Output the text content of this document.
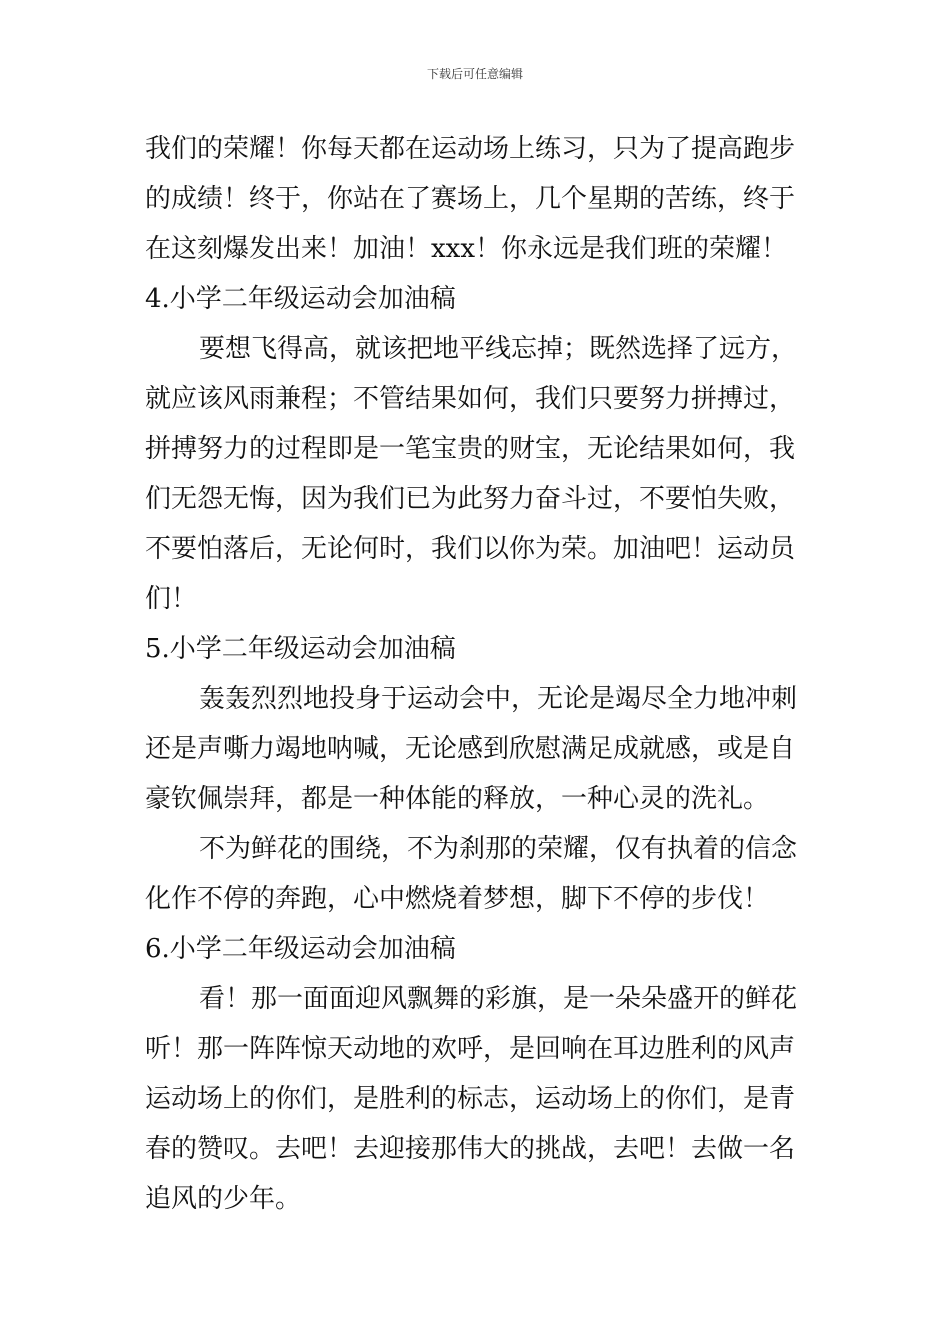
下载后可任意编辑
我们的荣耀！你每天都在运动场上练习，只为了提高跑步
的成绩！终于，你站在了赛场上，几个星期的苦练，终于
在这刻爆发出来！加油！xxx！你永远是我们班的荣耀！
4.小学二年级运动会加油稿
要想飞得高，就该把地平线忘掉；既然选择了远方，
就应该风雨兼程；不管结果如何，我们只要努力拼搏过，
拼搏努力的过程即是一笔宝贵的财宝，无论结果如何，我
们无怨无悔，因为我们已为此努力奋斗过，不要怕失败，
不要怕落后，无论何时，我们以你为荣。加油吧！运动员
们！
5.小学二年级运动会加油稿
轰轰烈烈地投身于运动会中，无论是竭尽全力地冲刺
还是声嘶力竭地呐喊，无论感到欣慰满足成就感，或是自
豪钦佩崇拜，都是一种体能的释放，一种心灵的洗礼。
不为鲜花的围绕，不为刹那的荣耀，仅有执着的信念
化作不停的奔跑，心中燃烧着梦想，脚下不停的步伐！
6.小学二年级运动会加油稿
看！那一面面迎风飘舞的彩旗，是一朵朵盛开的鲜花
听！那一阵阵惊天动地的欢呼，是回响在耳边胜利的风声
运动场上的你们，是胜利的标志，运动场上的你们，是青
春的赞叹。去吧！去迎接那伟大的挑战，去吧！去做一名
追风的少年。
